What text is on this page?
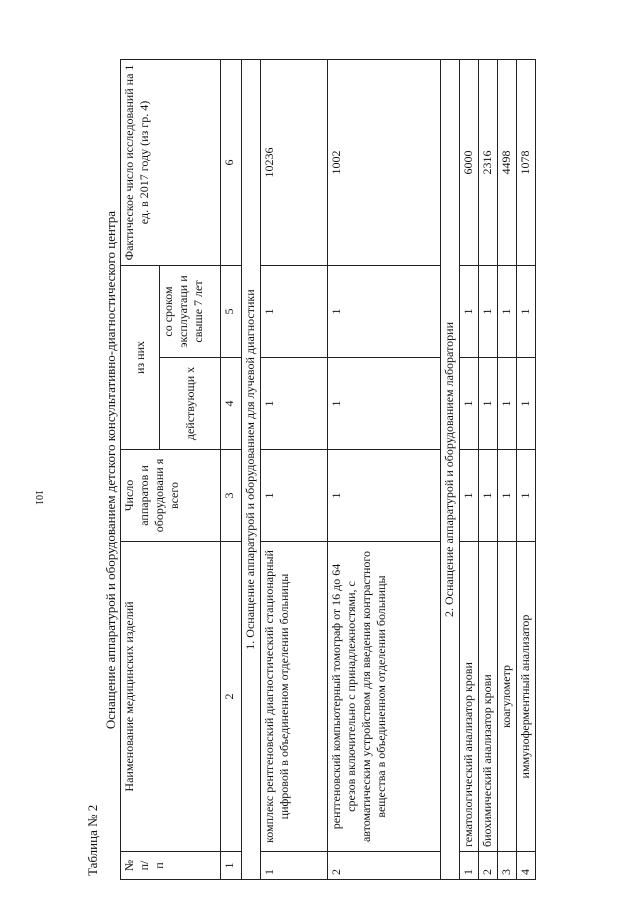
101
Таблица № 2
Оснащение аппаратурой и оборудованием детского консультативно-диагностического центра
№ п/ п	Наименование медицинских изделий	Число аппаратов и оборудовани я всего	из них		Фактическое число исследований на 1 ед. в 2017 году (из гр. 4)
			действующи х	со сроком эксплуатаци и свыше 7 лет	
1	2	3	4	5	6
1. Оснащение аппаратурой и оборудованием для лучевой диагностики					
1	комплекс рентгеновский диагностический стационарный цифровой в объединенном отделении больницы	1	1	1	10236
2	рентгеновский компьютерный томограф от 16 до 64 срезов включительно с принадлежностями, с автоматическим устройством для введения контрастного вещества в объединенном отделении больницы	1	1	1	1002
2. Оснащение аппаратурой и оборудованием лаборатории					
1	гематологический анализатор крови	1	1	1	6000
2	биохимический анализатор крови	1	1	1	2316
3	коагулометр	1	1	1	4498
4	иммуноферментный анализатор	1	1	1	1078
